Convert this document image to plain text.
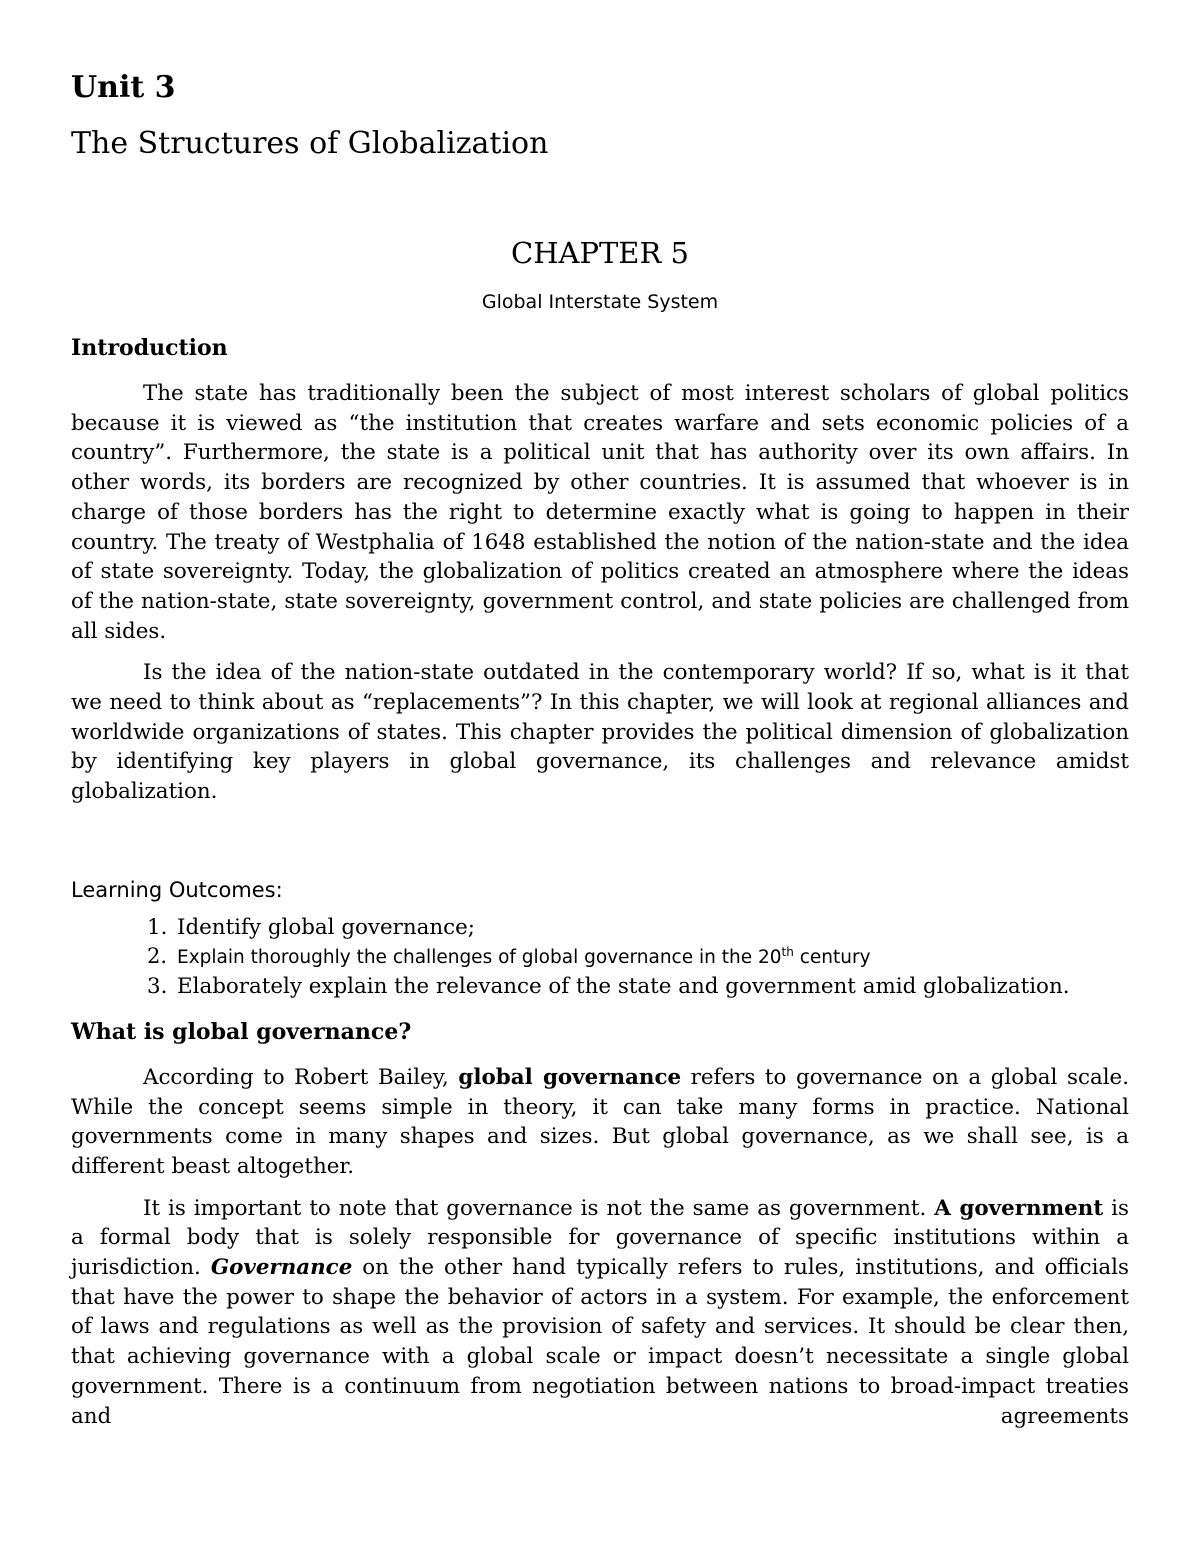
Unit 3
The Structures of Globalization
CHAPTER 5
Global Interstate System
Introduction

The state has traditionally been the subject of most interest scholars of global politics because it is viewed as “the institution that creates warfare and sets economic policies of a country”. Furthermore, the state is a political unit that has authority over its own affairs. In other words, its borders are recognized by other countries. It is assumed that whoever is in charge of those borders has the right to determine exactly what is going to happen in their country. The treaty of Westphalia of 1648 established the notion of the nation-state and the idea of state sovereignty. Today, the globalization of politics created an atmosphere where the ideas of the nation-state, state sovereignty, government control, and state policies are challenged from all sides.

Is the idea of the nation-state outdated in the contemporary world? If so, what is it that we need to think about as “replacements”? In this chapter, we will look at regional alliances and worldwide organizations of states. This chapter provides the political dimension of globalization by identifying key players in global governance, its challenges and relevance amidst globalization.

Learning Outcomes:
1. Identify global governance;
2. Explain thoroughly the challenges of global governance in the 20th century
3. Elaborately explain the relevance of the state and government amid globalization.
What is global governance?

According to Robert Bailey, global governance refers to governance on a global scale. While the concept seems simple in theory, it can take many forms in practice. National governments come in many shapes and sizes. But global governance, as we shall see, is a different beast altogether.

It is important to note that governance is not the same as government. A government is a formal body that is solely responsible for governance of specific institutions within a jurisdiction. Governance on the other hand typically refers to rules, institutions, and officials that have the power to shape the behavior of actors in a system. For example, the enforcement of laws and regulations as well as the provision of safety and services. It should be clear then, that achieving governance with a global scale or impact doesn’t necessitate a single global government. There is a continuum from negotiation between nations to broad-impact treaties and agreements
